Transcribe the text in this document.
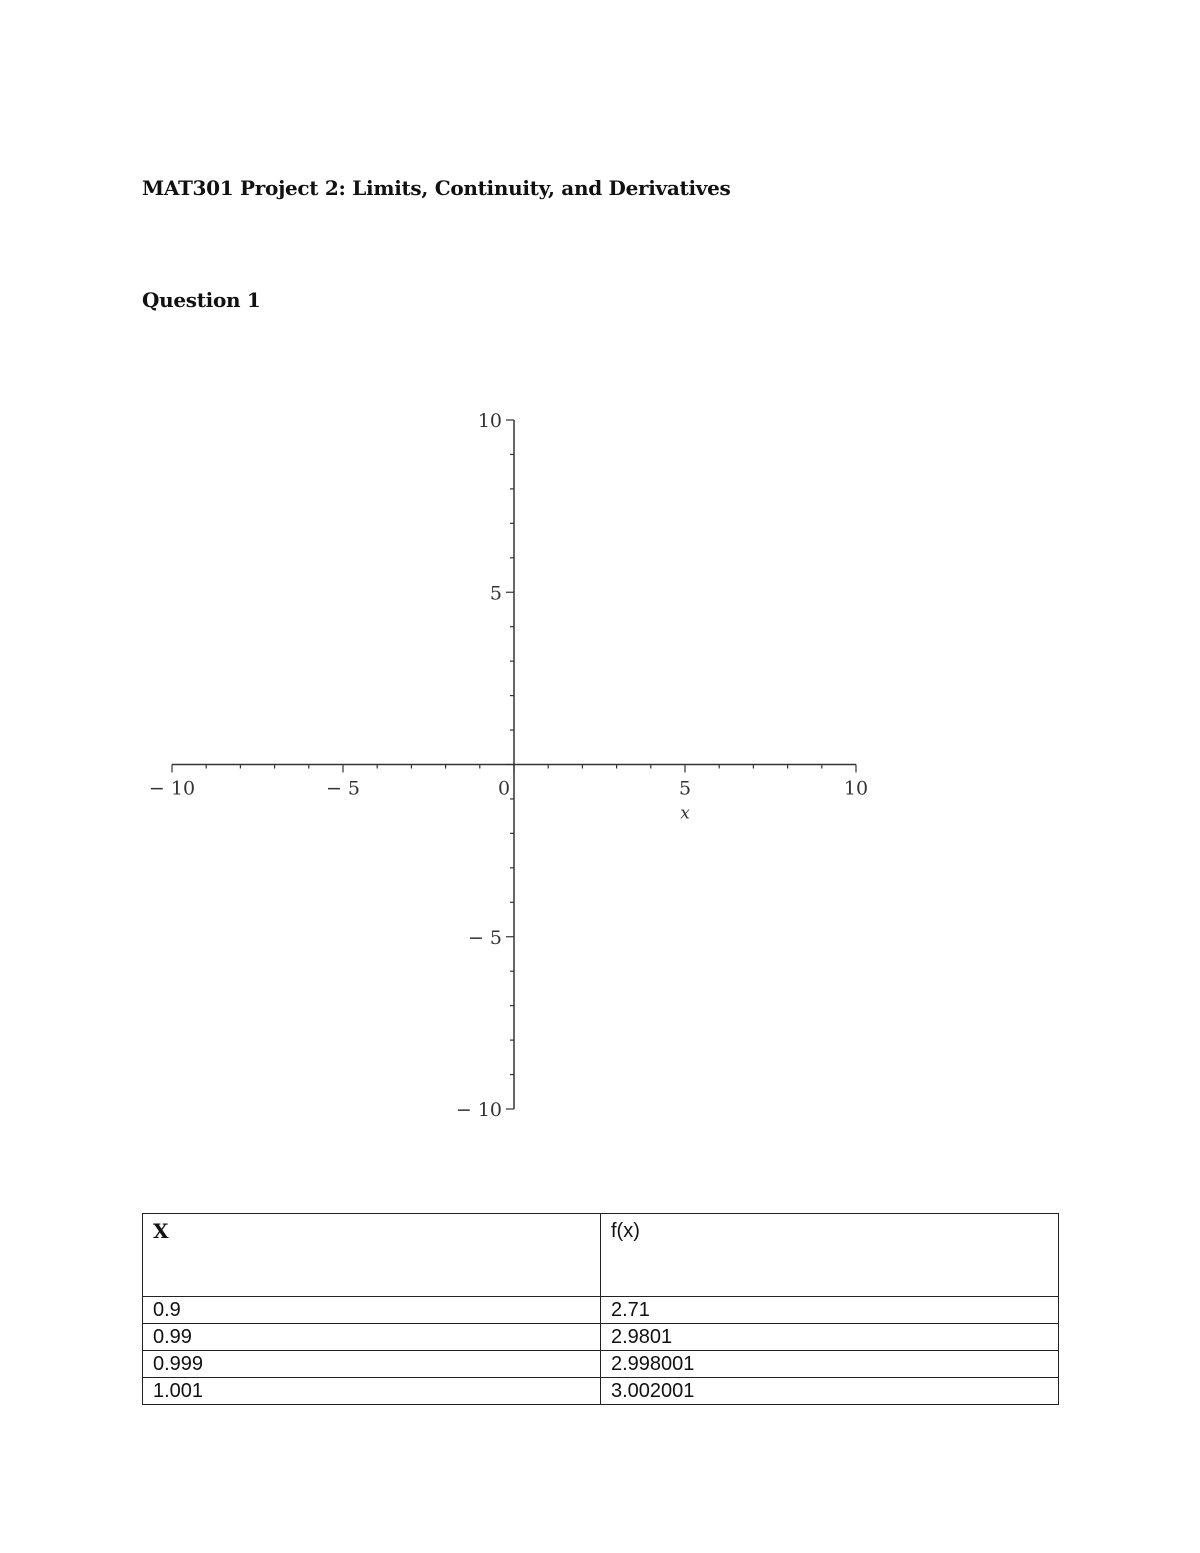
MAT301 Project 2: Limits, Continuity, and Derivatives
Question 1
− 10	− 5	0	5	10
10
5
− 5
− 10
x
X	f(x)
0.9	2.71
0.99	2.9801
0.999	2.998001
1.001	3.002001
